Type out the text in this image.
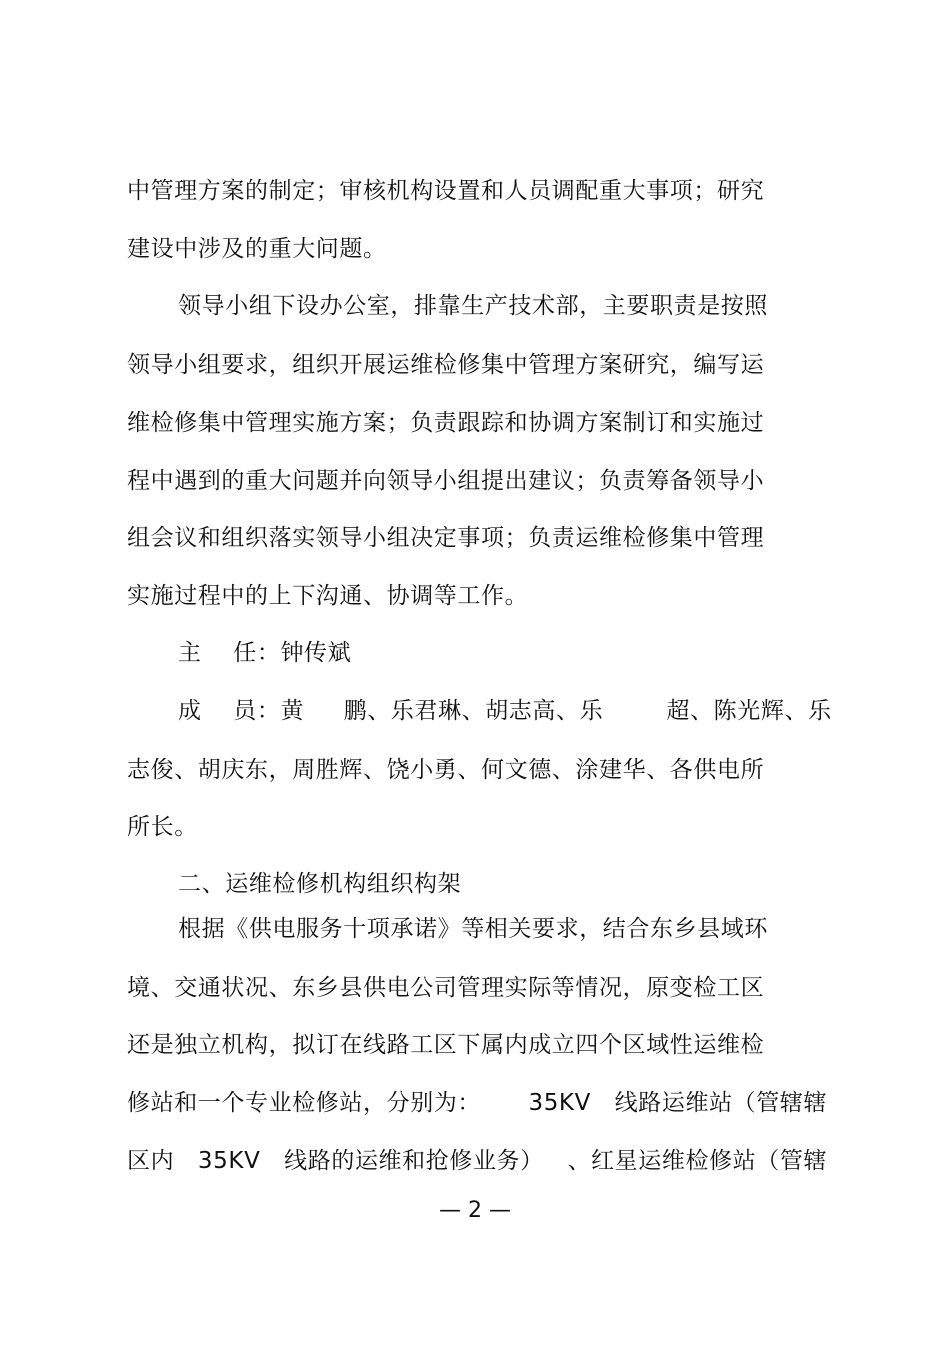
中管理方案的制定；审核机构设置和人员调配重大事项；研究
建设中涉及的重大问题。
领导小组下设办公室，排靠生产技术部，主要职责是按照
领导小组要求，组织开展运维检修集中管理方案研究，编写运
维检修集中管理实施方案；负责跟踪和协调方案制订和实施过
程中遇到的重大问题并向领导小组提出建议；负责筹备领导小
组会议和组织落实领导小组决定事项；负责运维检修集中管理
实施过程中的上下沟通、协调等工作。
主    任：钟传斌
成    员：黄     鹏、乐君琳、胡志高、乐        超、陈光辉、乐
志俊、胡庆东，周胜辉、饶小勇、何文德、涂建华、各供电所
所长。
二、运维检修机构组织构架
根据《供电服务十项承诺》等相关要求，结合东乡县域环
境、交通状况、东乡县供电公司管理实际等情况，原变检工区
还是独立机构，拟订在线路工区下属内成立四个区域性运维检
修站和一个专业检修站，分别为：      35KV   线路运维站（管辖辖
区内   35KV   线路的运维和抢修业务）   、红星运维检修站（管辖
— 2 —
